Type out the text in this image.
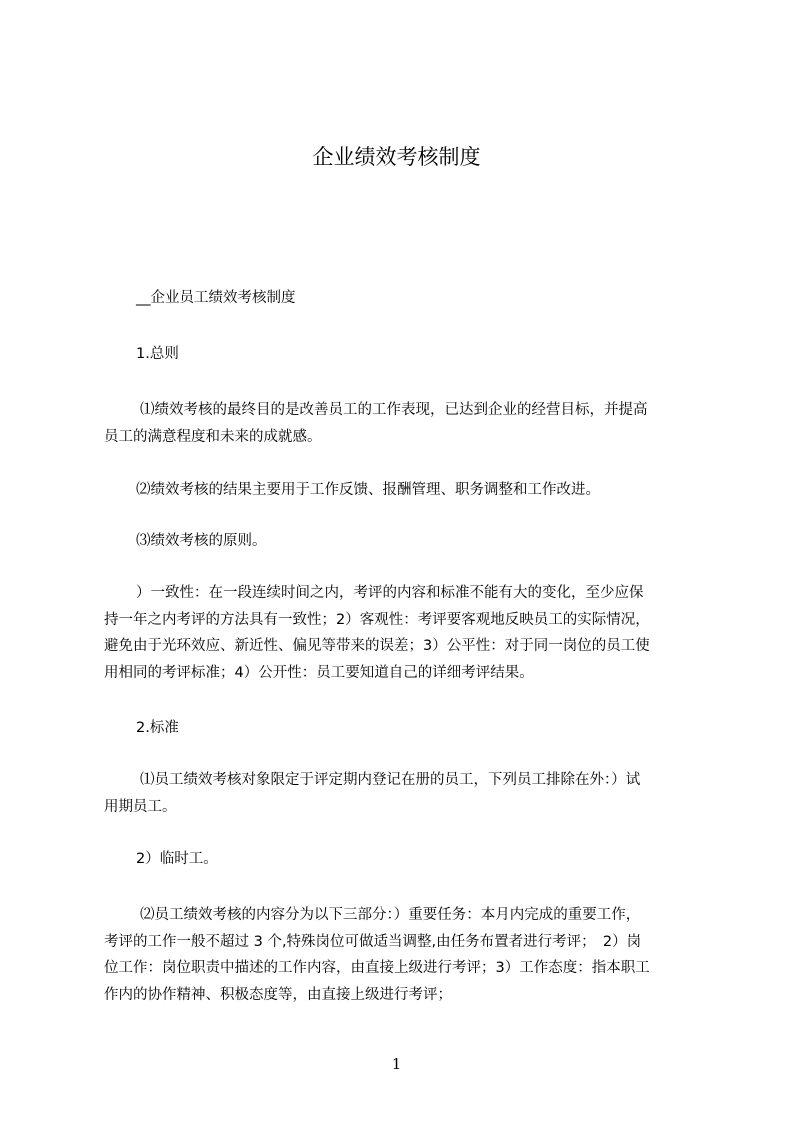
企业绩效考核制度
__企业员工绩效考核制度
1.总则
⑴绩效考核的最终目的是改善员工的工作表现，已达到企业的经营目标，并提高
员工的满意程度和未来的成就感。
⑵绩效考核的结果主要用于工作反馈、报酬管理、职务调整和工作改进。
⑶绩效考核的原则。
）一致性：在一段连续时间之内，考评的内容和标准不能有大的变化，至少应保
持一年之内考评的方法具有一致性；2）客观性：考评要客观地反映员工的实际情况，
避免由于光环效应、新近性、偏见等带来的误差；3）公平性：对于同一岗位的员工使
用相同的考评标准；4）公开性：员工要知道自己的详细考评结果。
2.标准
⑴员工绩效考核对象限定于评定期内登记在册的员工，下列员工排除在外：）试
用期员工。
2）临时工。
⑵员工绩效考核的内容分为以下三部分：）重要任务：本月内完成的重要工作，
考评的工作一般不超过 3 个,特殊岗位可做适当调整,由任务布置者进行考评；　2）岗
位工作：岗位职责中描述的工作内容，由直接上级进行考评；3）工作态度：指本职工
作内的协作精神、积极态度等，由直接上级进行考评；
1
